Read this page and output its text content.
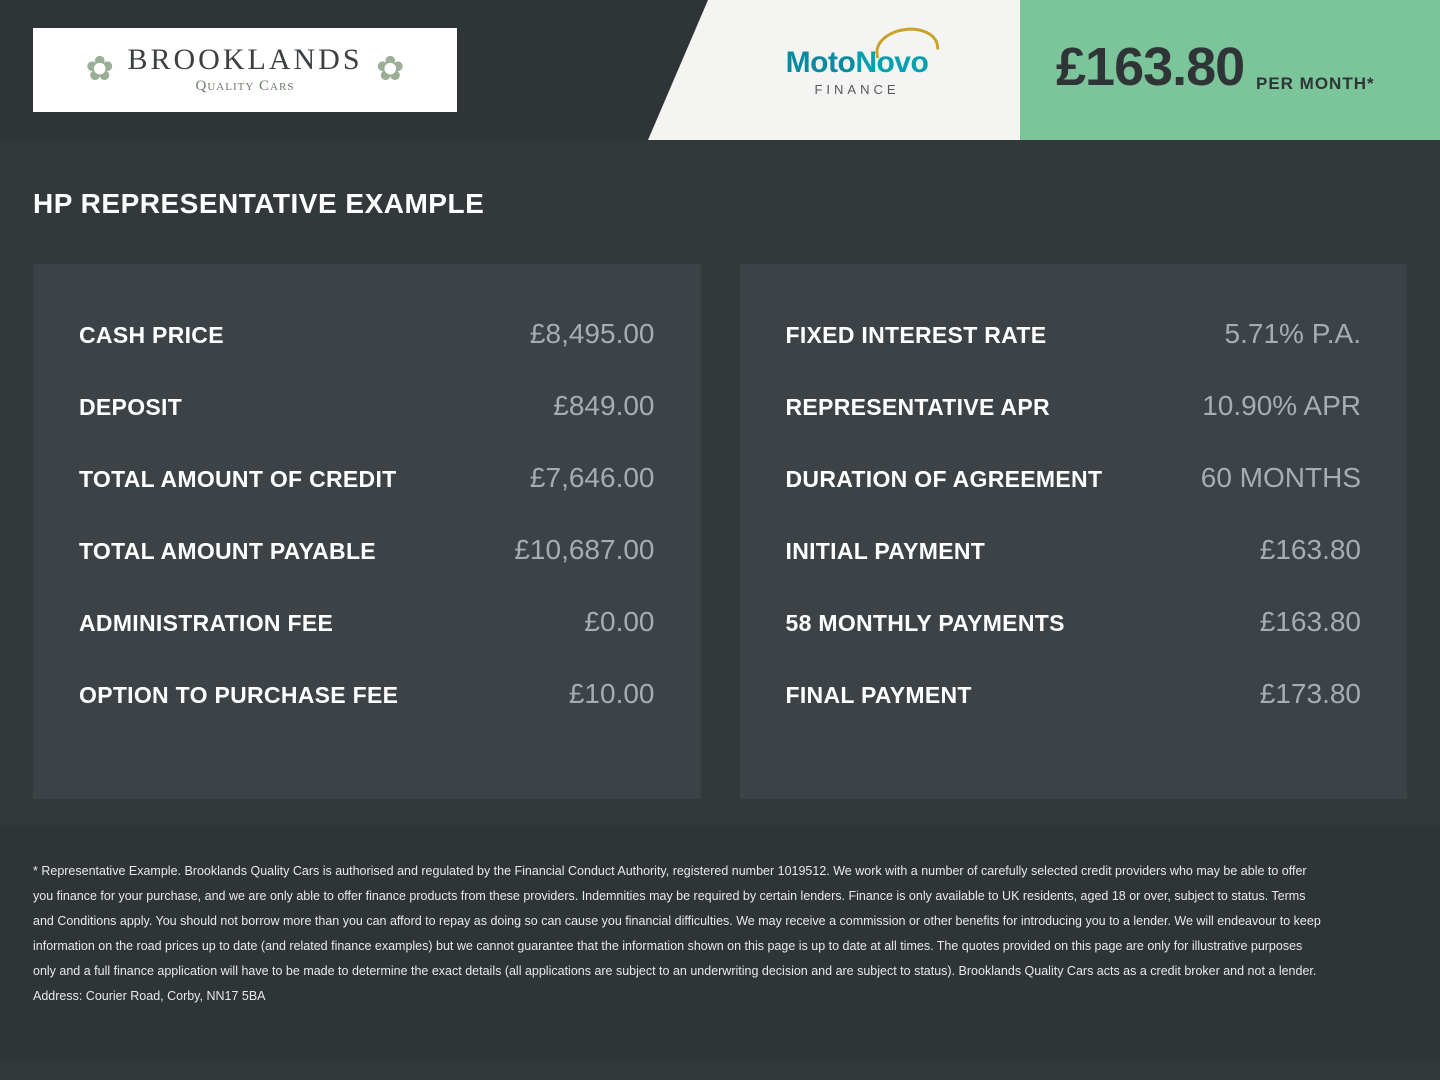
✿	✿
BROOKLANDS
Quality Cars
MotoNovo
FINANCE	£163.80 PER MONTH*
HP REPRESENTATIVE EXAMPLE
CASH PRICE	£8,495.00
DEPOSIT	£849.00
TOTAL AMOUNT OF CREDIT	£7,646.00
TOTAL AMOUNT PAYABLE	£10,687.00
ADMINISTRATION FEE	£0.00
OPTION TO PURCHASE FEE	£10.00
FIXED INTEREST RATE	5.71% P.A.
REPRESENTATIVE APR	10.90% APR
DURATION OF AGREEMENT	60 MONTHS
INITIAL PAYMENT	£163.80
58 MONTHLY PAYMENTS	£163.80
FINAL PAYMENT	£173.80

* Representative Example. Brooklands Quality Cars is authorised and regulated by the Financial Conduct Authority, registered number 1019512. We work with a number of carefully selected credit providers who may be able to offer you finance for your purchase, and we are only able to offer finance products from these providers. Indemnities may be required by certain lenders. Finance is only available to UK residents, aged 18 or over, subject to status. Terms and Conditions apply. You should not borrow more than you can afford to repay as doing so can cause you financial difficulties. We may receive a commission or other benefits for introducing you to a lender. We will endeavour to keep information on the road prices up to date (and related finance examples) but we cannot guarantee that the information shown on this page is up to date at all times. The quotes provided on this page are only for illustrative purposes only and a full finance application will have to be made to determine the exact details (all applications are subject to an underwriting decision and are subject to status). Brooklands Quality Cars acts as a credit broker and not a lender. Address: Courier Road, Corby, NN17 5BA
